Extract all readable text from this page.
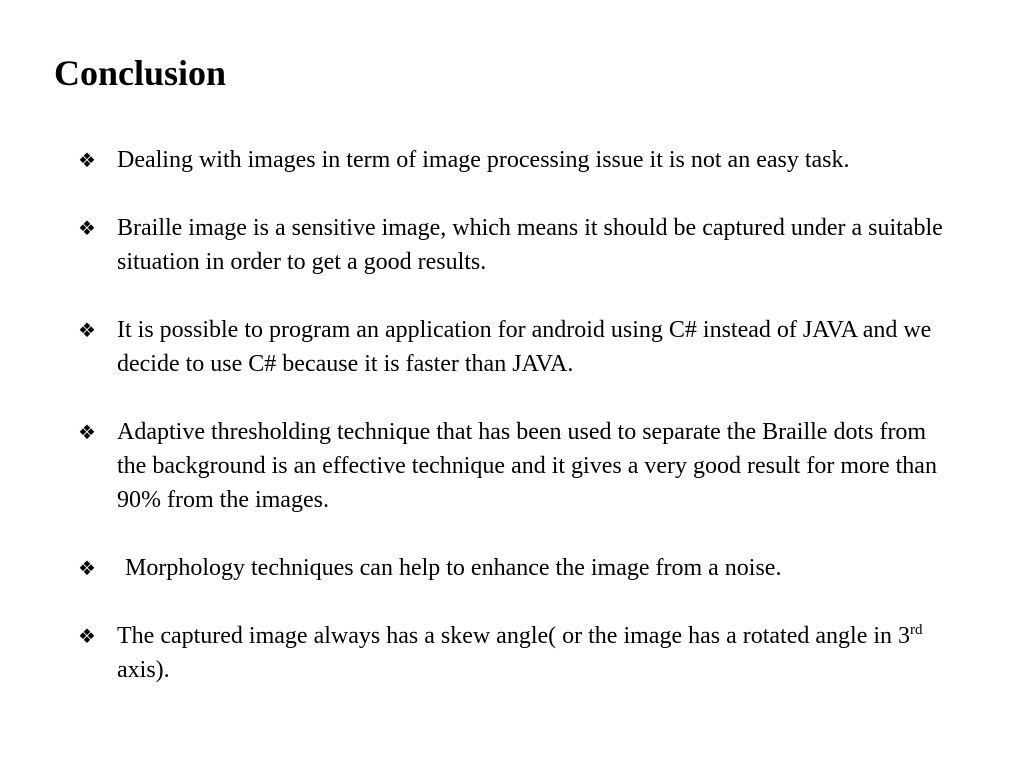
Conclusion
❖ Dealing with images in term of image processing issue it is not an easy task.
❖ Braille image is a sensitive image, which means it should be captured under a suitable situation in order to get a good results.
❖ It is possible to program an application for android using C# instead of JAVA and we decide to use C# because it is faster than JAVA.
❖ Adaptive thresholding technique that has been used to separate the Braille dots from the background is an effective technique and it gives a very good result for more than 90% from the images.
❖ Morphology techniques can help to enhance the image from a noise.
❖ The captured image always has a skew angle( or the image has a rotated angle in 3rd axis).
